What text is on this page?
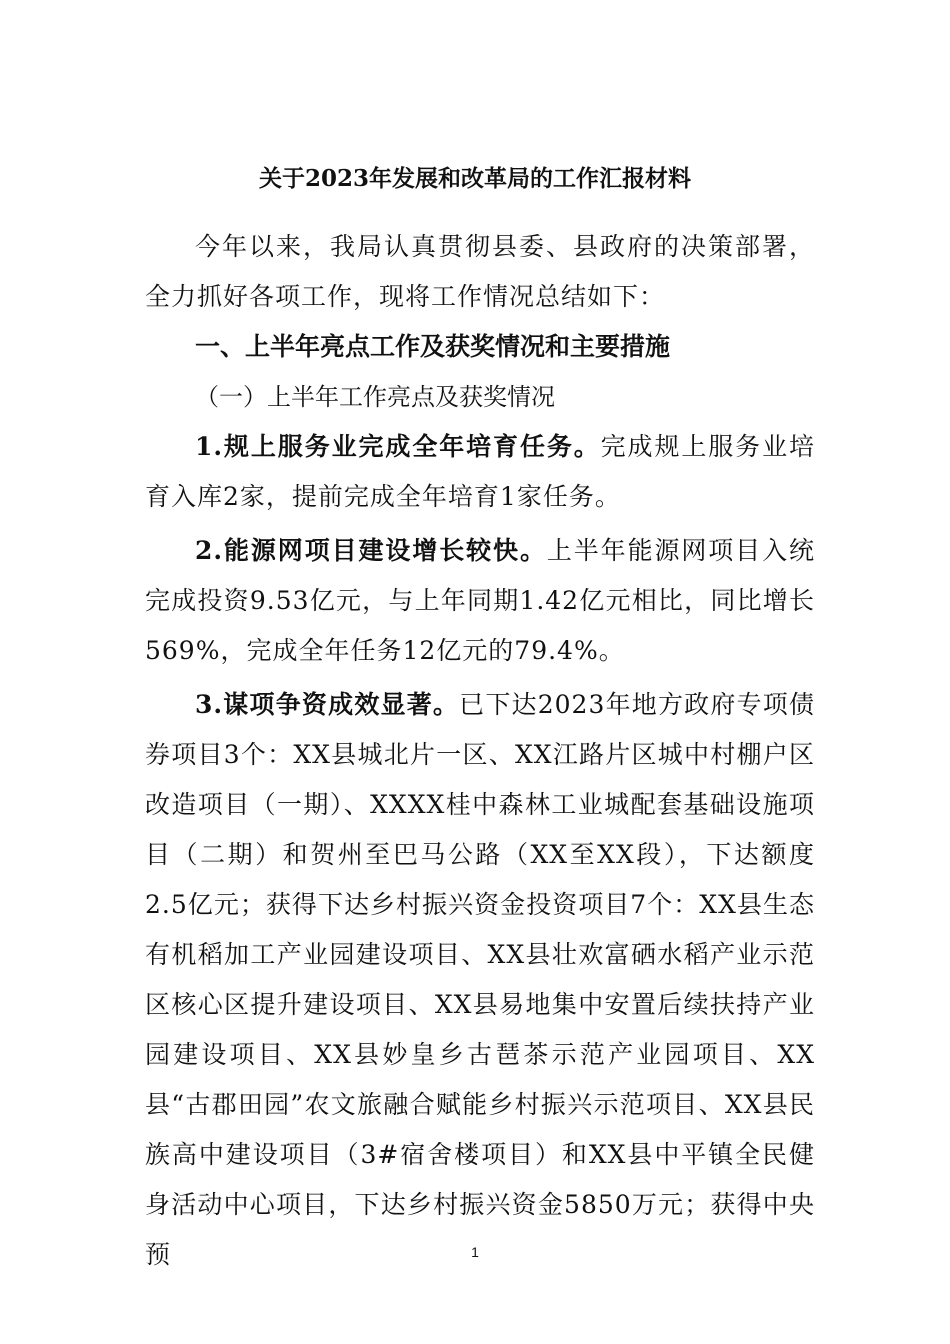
关于2023年发展和改革局的工作汇报材料

今年以来，我局认真贯彻县委、县政府的决策部署，全力抓好各项工作，现将工作情况总结如下：

一、上半年亮点工作及获奖情况和主要措施

（一）上半年工作亮点及获奖情况

1.规上服务业完成全年培育任务。完成规上服务业培育入库2家，提前完成全年培育1家任务。

2.能源网项目建设增长较快。上半年能源网项目入统完成投资9.53亿元，与上年同期1.42亿元相比，同比增长569%，完成全年任务12亿元的79.4%。

3.谋项争资成效显著。已下达2023年地方政府专项债券项目3个：XX县城北片一区、XX江路片区城中村棚户区改造项目（一期）、XXXX桂中森林工业城配套基础设施项目（二期）和贺州至巴马公路（XX至XX段），下达额度2.5亿元；获得下达乡村振兴资金投资项目7个：XX县生态有机稻加工产业园建设项目、XX县壮欢富硒水稻产业示范区核心区提升建设项目、XX县易地集中安置后续扶持产业园建设项目、XX县妙皇乡古琶茶示范产业园项目、XX县“古郡田园”农文旅融合赋能乡村振兴示范项目、XX县民族高中建设项目（3#宿舍楼项目）和XX县中平镇全民健身活动中心项目，下达乡村振兴资金5850万元；获得中央预	1
